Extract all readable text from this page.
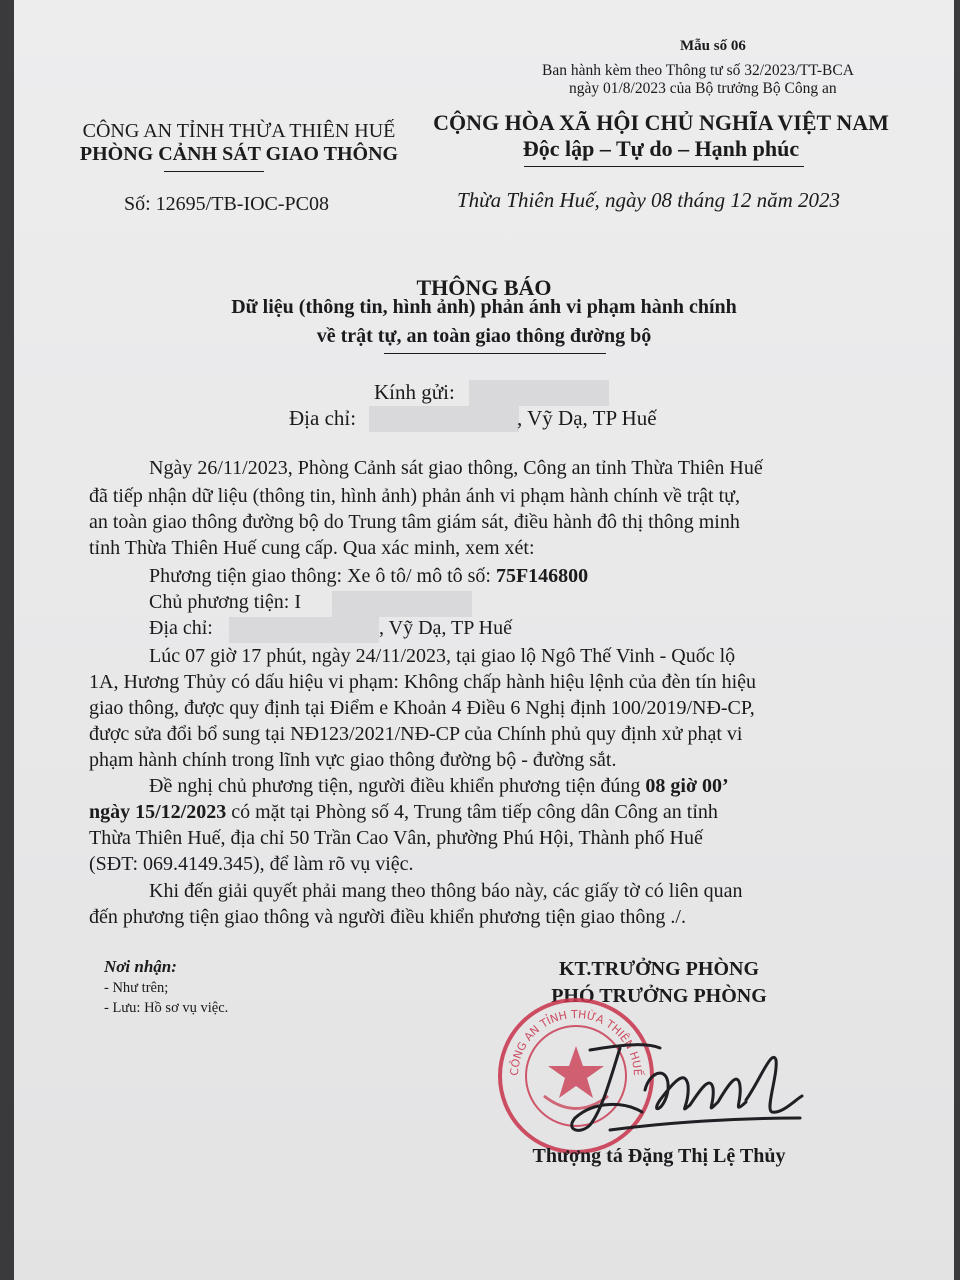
Mẫu số 06
Ban hành kèm theo Thông tư số 32/2023/TT-BCA
ngày 01/8/2023 của Bộ trưởng Bộ Công an
CÔNG AN TỈNH THỪA THIÊN HUẾ
PHÒNG CẢNH SÁT GIAO THÔNG
Số: 12695/TB-IOC-PC08
CỘNG HÒA XÃ HỘI CHỦ NGHĨA VIỆT NAM
Độc lập – Tự do – Hạnh phúc
Thừa Thiên Huế, ngày 08 tháng 12 năm 2023
THÔNG BÁO
Dữ liệu (thông tin, hình ảnh) phản ánh vi phạm hành chính
về trật tự, an toàn giao thông đường bộ
Kính gửi:
Địa chỉ:	, Vỹ Dạ, TP Huế
Ngày 26/11/2023, Phòng Cảnh sát giao thông, Công an tỉnh Thừa Thiên Huế
đã tiếp nhận dữ liệu (thông tin, hình ảnh) phản ánh vi phạm hành chính về trật tự,
an toàn giao thông đường bộ do Trung tâm giám sát, điều hành đô thị thông minh
tỉnh Thừa Thiên Huế cung cấp. Qua xác minh, xem xét:
Phương tiện giao thông: Xe ô tô/ mô tô số: 75F146800
Chủ phương tiện: I
Địa chỉ:	, Vỹ Dạ, TP Huế
Lúc 07 giờ 17 phút, ngày 24/11/2023, tại giao lộ Ngô Thế Vinh - Quốc lộ
1A, Hương Thủy có dấu hiệu vi phạm: Không chấp hành hiệu lệnh của đèn tín hiệu
giao thông, được quy định tại Điểm e Khoản 4 Điều 6 Nghị định 100/2019/NĐ-CP,
được sửa đổi bổ sung tại NĐ123/2021/NĐ-CP của Chính phủ quy định xử phạt vi
phạm hành chính trong lĩnh vực giao thông đường bộ - đường sắt.
Đề nghị chủ phương tiện, người điều khiển phương tiện đúng 08 giờ 00’
ngày 15/12/2023 có mặt tại Phòng số 4, Trung tâm tiếp công dân Công an tỉnh
Thừa Thiên Huế, địa chỉ 50 Trần Cao Vân, phường Phú Hội, Thành phố Huế
(SĐT: 069.4149.345), để làm rõ vụ việc.
Khi đến giải quyết phải mang theo thông báo này, các giấy tờ có liên quan
đến phương tiện giao thông và người điều khiển phương tiện giao thông ./.
Nơi nhận:
- Như trên;
- Lưu: Hồ sơ vụ việc.
KT.TRƯỞNG PHÒNG
PHÓ TRƯỞNG PHÒNG
CÔNG AN TỈNH THỪA THIÊN HUẾ
Thượng tá Đặng Thị Lệ Thủy
